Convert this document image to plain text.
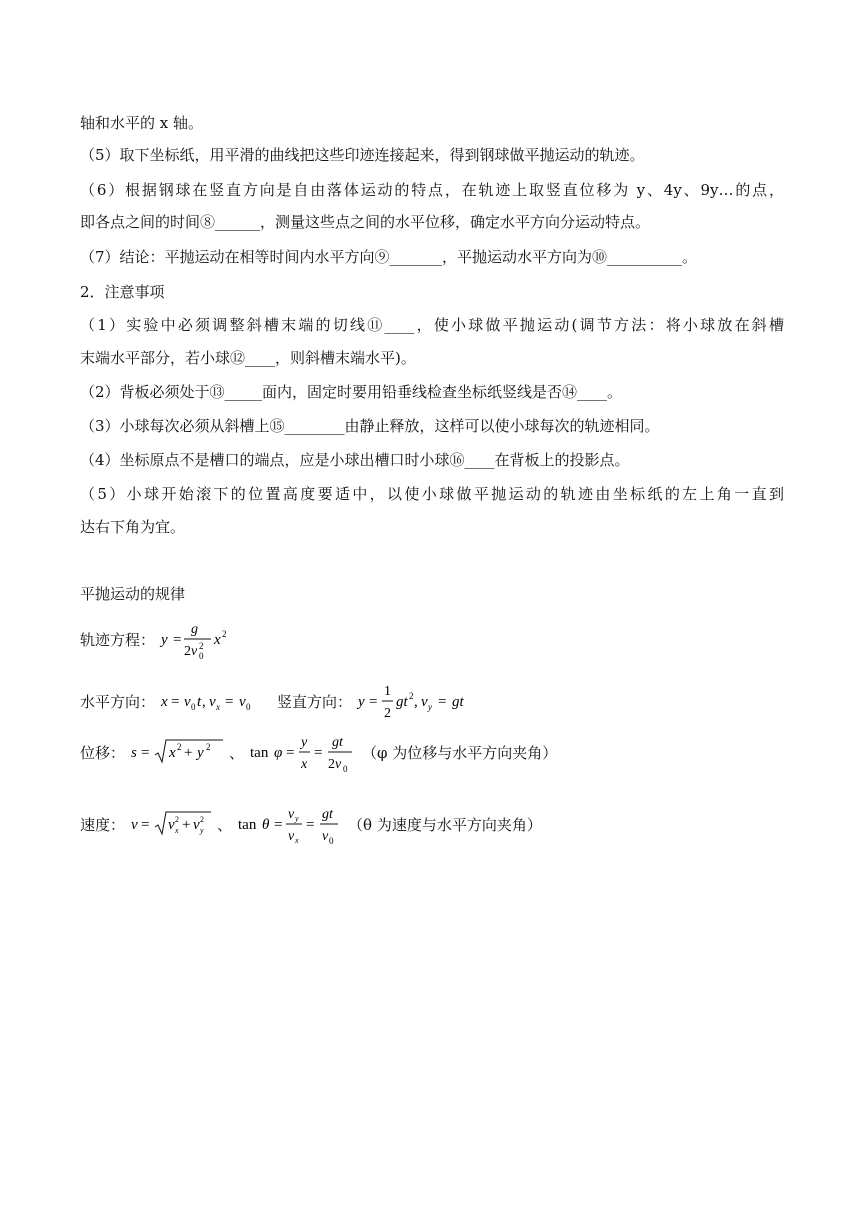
轴和水平的 x 轴。
（5）取下坐标纸，用平滑的曲线把这些印迹连接起来，得到钢球做平抛运动的轨迹。
（6）根据钢球在竖直方向是自由落体运动的特点，在轨迹上取竖直位移为 y、4y、9y…的点，
即各点之间的时间⑧______，测量这些点之间的水平位移，确定水平方向分运动特点。
（7）结论：平抛运动在相等时间内水平方向⑨_______，平抛运动水平方向为⑩__________。
2．注意事项
（1）实验中必须调整斜槽末端的切线⑪____，使小球做平抛运动(调节方法：将小球放在斜槽
末端水平部分，若小球⑫____，则斜槽末端水平)。
（2）背板必须处于⑬_____面内，固定时要用铅垂线检查坐标纸竖线是否⑭____。
（3）小球每次必须从斜槽上⑮________由静止释放，这样可以使小球每次的轨迹相同。
（4）坐标原点不是槽口的端点，应是小球出槽口时小球⑯____在背板上的投影点。
（5）小球开始滚下的位置高度要适中，以使小球做平抛运动的轨迹由坐标纸的左上角一直到
达右下角为宜。
平抛运动的规律
轨迹方程： y =
g
2v 2
0
x 2
水平方向： x = v 0 t , v x = v 0 竖直方向： y =
1
2
gt 2 , v y = gt
位移： s = x 2 + y 2 、 tan φ =
y
x
=
gt
2v 0
（φ 为位移与水平方向夹角）
速度： v = v 2
x + v 2
y 、 tan θ =
v y
v x
=
gt
v 0
（θ 为速度与水平方向夹角）
